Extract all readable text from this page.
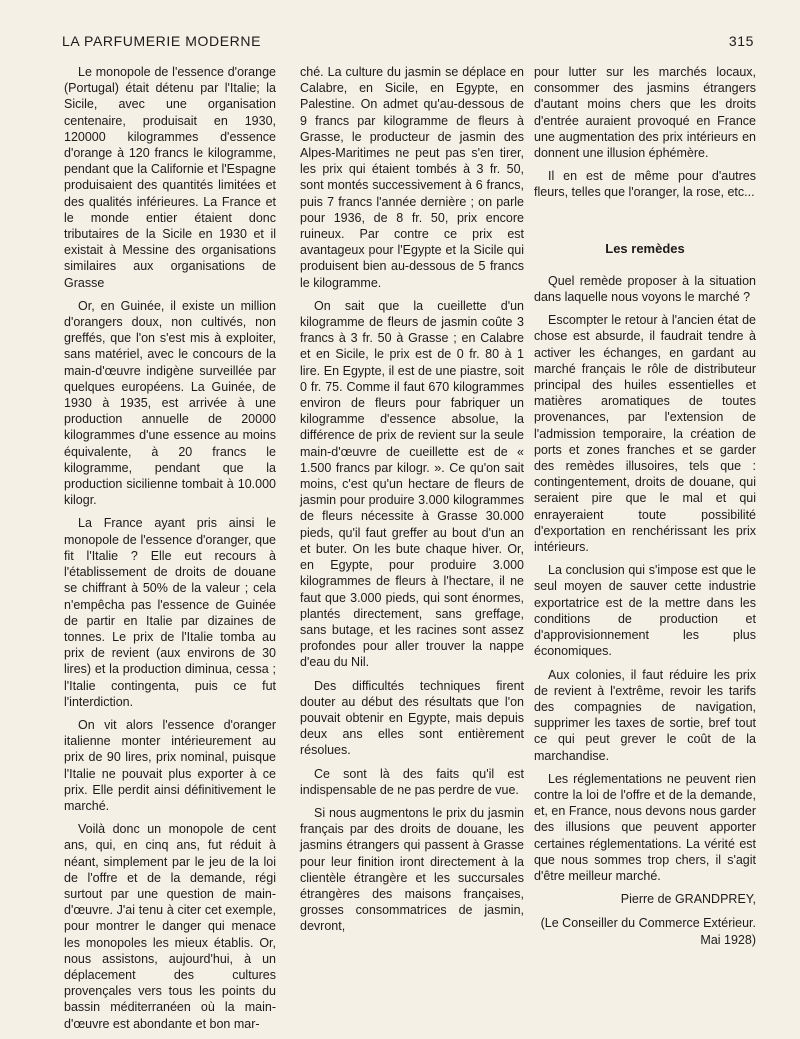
LA PARFUMERIE MODERNE	315

Le monopole de l'essence d'orange (Portugal) était détenu par l'Italie; la Sicile, avec une organisation centenaire, produisait en 1930, 120000 kilogrammes d'essence d'orange à 120 francs le kilogramme, pendant que la Californie et l'Espagne produisaient des quantités limitées et des qualités inférieures. La France et le monde entier étaient donc tributaires de la Sicile en 1930 et il existait à Messine des organisations similaires aux organisations de Grasse

Or, en Guinée, il existe un million d'orangers doux, non cultivés, non greffés, que l'on s'est mis à exploiter, sans matériel, avec le concours de la main-d'œuvre indigène surveillée par quelques européens. La Guinée, de 1930 à 1935, est arrivée à une production annuelle de 20000 kilogrammes d'une essence au moins équivalente, à 20 francs le kilogramme, pendant que la production sicilienne tombait à 10.000 kilogr.

La France ayant pris ainsi le monopole de l'essence d'oranger, que fit l'Italie ? Elle eut recours à l'établissement de droits de douane se chiffrant à 50% de la valeur ; cela n'empêcha pas l'essence de Guinée de partir en Italie par dizaines de tonnes. Le prix de l'Italie tomba au prix de revient (aux environs de 30 lires) et la production diminua, cessa ; l'Italie contingenta, puis ce fut l'interdiction.

On vit alors l'essence d'oranger italienne monter intérieurement au prix de 90 lires, prix nominal, puisque l'Italie ne pouvait plus exporter à ce prix. Elle perdit ainsi définitivement le marché.

Voilà donc un monopole de cent ans, qui, en cinq ans, fut réduit à néant, simplement par le jeu de la loi de l'offre et de la demande, régi surtout par une question de main-d'œuvre. J'ai tenu à citer cet exemple, pour montrer le danger qui menace les monopoles les mieux établis. Or, nous assistons, aujourd'hui, à un déplacement des cultures provençales vers tous les points du bassin méditerranéen où la main-d'œuvre est abondante et bon mar-

ché. La culture du jasmin se déplace en Calabre, en Sicile, en Egypte, en Palestine. On admet qu'au-dessous de 9 francs par kilogramme de fleurs à Grasse, le producteur de jasmin des Alpes-Maritimes ne peut pas s'en tirer, les prix qui étaient tombés à 3 fr. 50, sont montés successivement à 6 francs, puis 7 francs l'année dernière ; on parle pour 1936, de 8 fr. 50, prix encore ruineux. Par contre ce prix est avantageux pour l'Egypte et la Sicile qui produisent bien au-dessous de 5 francs le kilogramme.

On sait que la cueillette d'un kilogramme de fleurs de jasmin coûte 3 francs à 3 fr. 50 à Grasse ; en Calabre et en Sicile, le prix est de 0 fr. 80 à 1 lire. En Egypte, il est de une piastre, soit 0 fr. 75. Comme il faut 670 kilogrammes environ de fleurs pour fabriquer un kilogramme d'essence absolue, la différence de prix de revient sur la seule main-d'œuvre de cueillette est de « 1.500 francs par kilogr. ». Ce qu'on sait moins, c'est qu'un hectare de fleurs de jasmin pour produire 3.000 kilogrammes de fleurs nécessite à Grasse 30.000 pieds, qu'il faut greffer au bout d'un an et buter. On les bute chaque hiver. Or, en Egypte, pour produire 3.000 kilogrammes de fleurs à l'hectare, il ne faut que 3.000 pieds, qui sont énormes, plantés directement, sans greffage, sans butage, et les racines sont assez profondes pour aller trouver la nappe d'eau du Nil.

Des difficultés techniques firent douter au début des résultats que l'on pouvait obtenir en Egypte, mais depuis deux ans elles sont entièrement résolues.

Ce sont là des faits qu'il est indispensable de ne pas perdre de vue.

Si nous augmentons le prix du jasmin français par des droits de douane, les jasmins étrangers qui passent à Grasse pour leur finition iront directement à la clientèle étrangère et les succursales étrangères des maisons françaises, grosses consommatrices de jasmin, devront,

pour lutter sur les marchés locaux, consommer des jasmins étrangers d'autant moins chers que les droits d'entrée auraient provoqué en France une augmentation des prix intérieurs en donnent une illusion éphémère.

Il en est de même pour d'autres fleurs, telles que l'oranger, la rose, etc...

Les remèdes

Quel remède proposer à la situation dans laquelle nous voyons le marché ?

Escompter le retour à l'ancien état de chose est absurde, il faudrait tendre à activer les échanges, en gardant au marché français le rôle de distributeur principal des huiles essentielles et matières aromatiques de toutes provenances, par l'extension de l'admission temporaire, la création de ports et zones franches et se garder des remèdes illusoires, tels que : contingentement, droits de douane, qui seraient pire que le mal et qui enrayeraient toute possibilité d'exportation en renchérissant les prix intérieurs.

La conclusion qui s'impose est que le seul moyen de sauver cette industrie exportatrice est de la mettre dans les conditions de production et d'approvisionnement les plus économiques.

Aux colonies, il faut réduire les prix de revient à l'extrême, revoir les tarifs des compagnies de navigation, supprimer les taxes de sortie, bref tout ce qui peut grever le coût de la marchandise.

Les réglementations ne peuvent rien contre la loi de l'offre et de la demande, et, en France, nous devons nous garder des illusions que peuvent apporter certaines réglementations. La vérité est que nous sommes trop chers, il s'agit d'être meilleur marché.

Pierre de GRANDPREY,
(Le Conseiller du Commerce Extérieur. Mai 1928)
